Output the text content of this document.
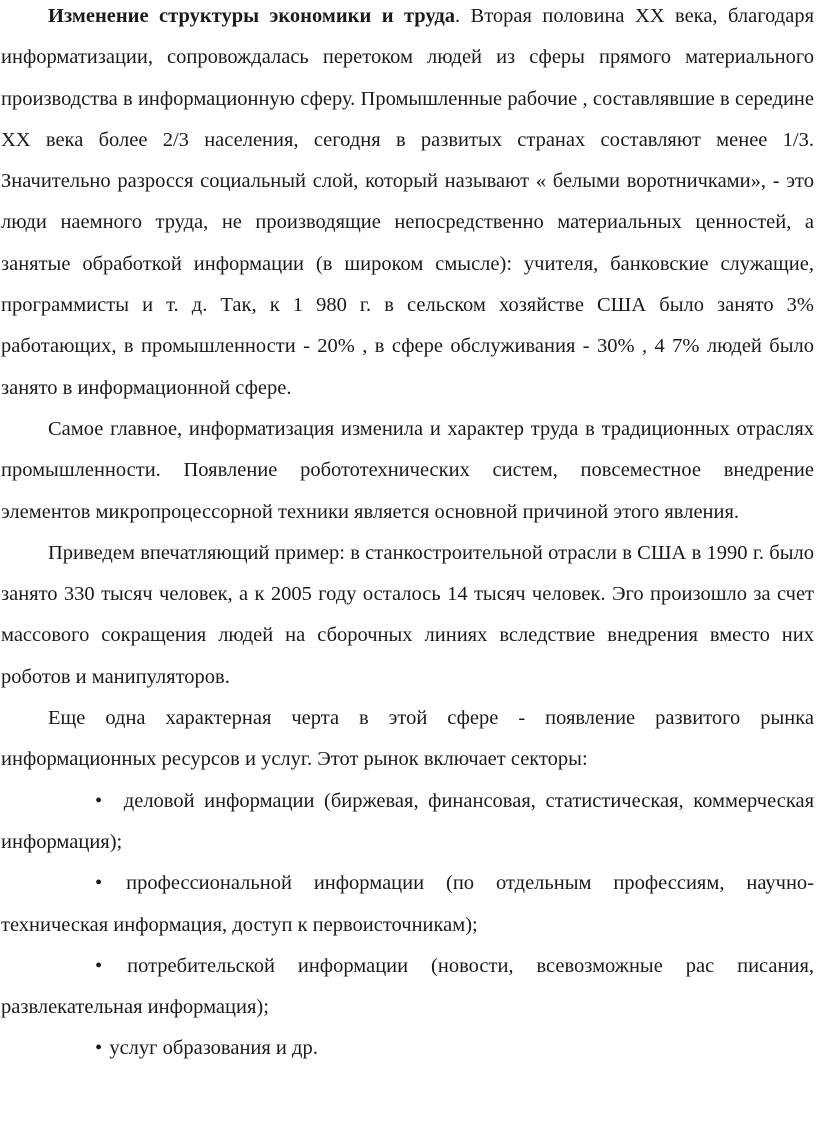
Изменение структуры экономики и труда. Вторая половина XX века, благодаря информатизации, сопровождалась перетоком людей из сферы прямого материального производства в информационную сферу. Промышленные рабочие , составлявшие в середине XX века более 2/3 населения, сегодня в развитых странах составляют менее 1/3. Значительно разросся социальный слой, который называют « белыми воротничками», - это люди наемного труда, не производящие непосредственно материальных ценностей, а занятые обработкой информации (в широком смысле): учителя, банковские служащие, программисты и т. д. Так, к 1 980 г. в сельском хозяйстве США было занято 3% работающих, в промышленности - 20% , в сфере обслуживания - 30% , 4 7% людей было занято в информационной сфере.

Самое главное, информатизация изменила и характер труда в традиционных отраслях промышленности. Появление робототехнических систем, повсеместное внедрение элементов микропроцессорной техники является основной причиной этого явления.

Приведем впечатляющий пример: в станкостроительной отрасли в США в 1990 г. было занято 330 тысяч человек, а к 2005 году осталось 14 тысяч человек. Эго произошло за счет массового сокращения людей на сборочных линиях вследствие внедрения вместо них роботов и манипуляторов.

Еще одна характерная черта в этой сфере - появление развитого рынка информационных ресурсов и услуг. Этот рынок включает секторы:

• деловой информации (биржевая, финансовая, статистическая, коммерческая информация);

• профессиональной информации (по отдельным профессиям, научно-техническая информация, доступ к первоисточникам);

• потребительской информации (новости, всевозможные рас писания, развлекательная информация);

• услуг образования и др.
